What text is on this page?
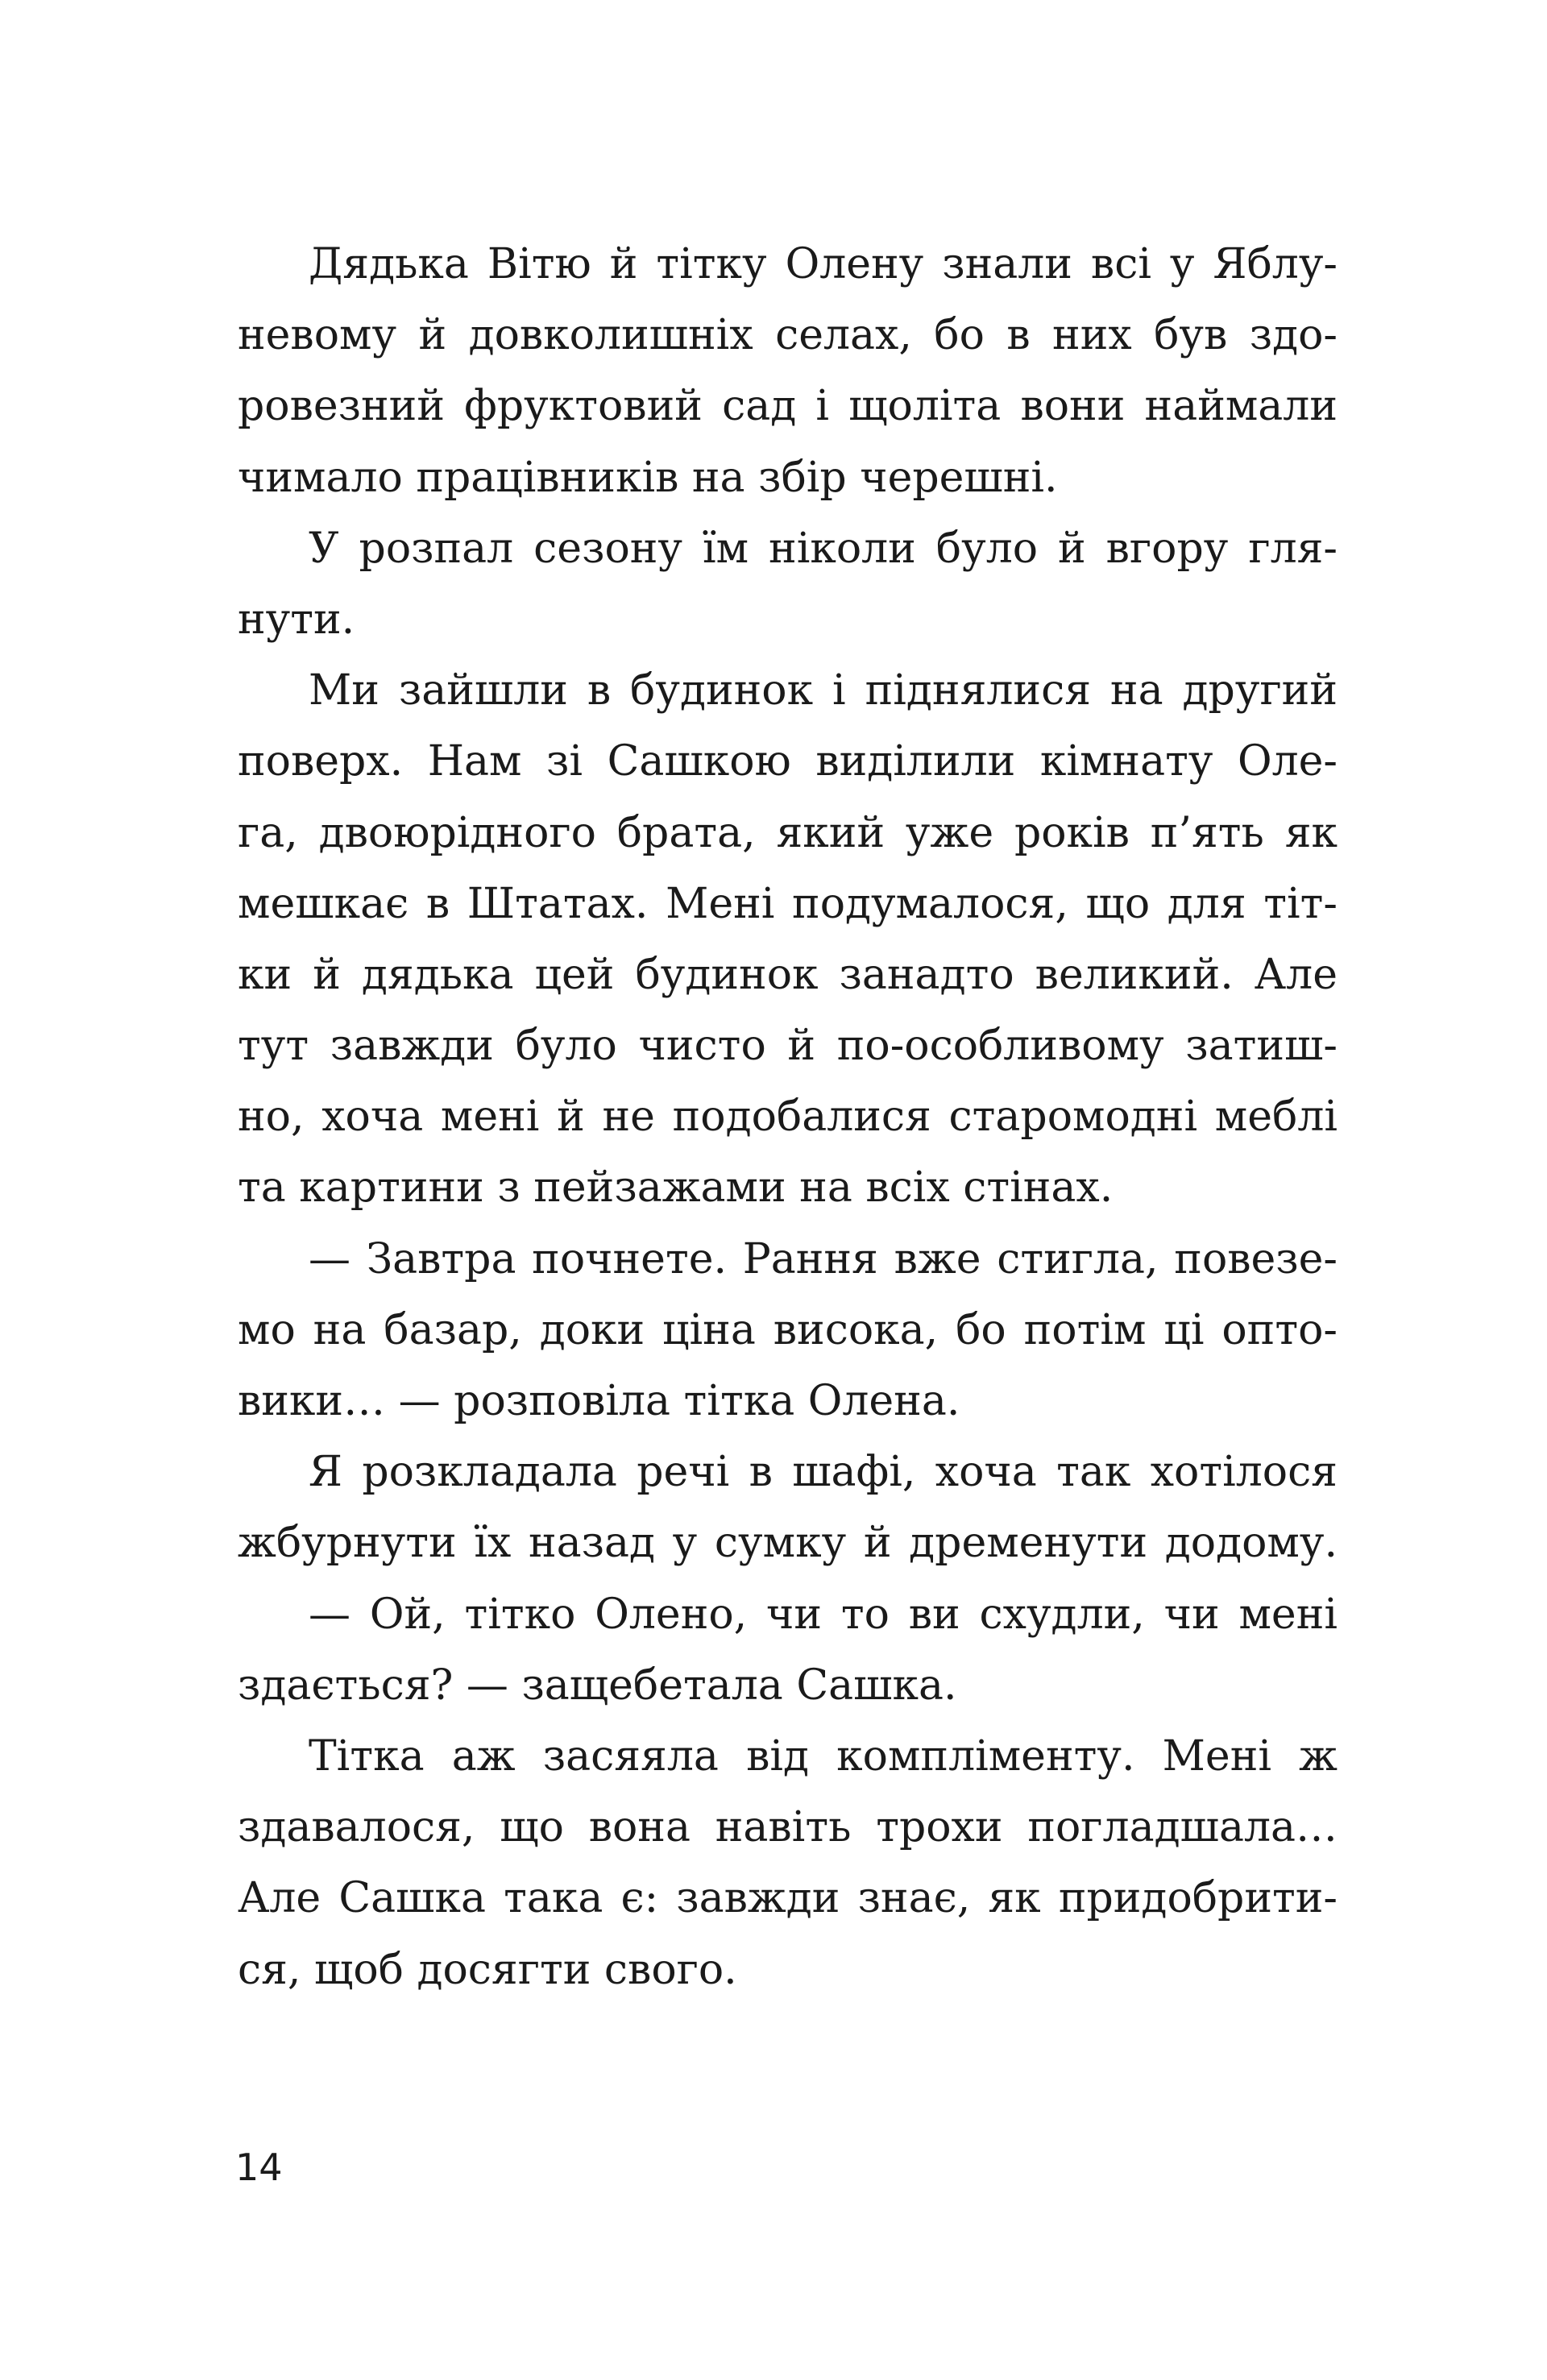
Дядька Вітю й тітку Олену знали всі у Яблу-
невому й довколишніх селах, бо в них був здо-
ровезний фруктовий сад і щоліта вони наймали
чимало працівників на збір черешні.
У розпал сезону їм ніколи було й вгору гля-
нути.
Ми зайшли в будинок і піднялися на другий
поверх. Нам зі Сашкою виділили кімнату Оле-
га, двоюрідного брата, який уже років п’ять як
мешкає в Штатах. Мені подумалося, що для тіт-
ки й дядька цей будинок занадто великий. Але
тут завжди було чисто й по-особливому затиш-
но, хоча мені й не подобалися старомодні меблі
та картини з пейзажами на всіх стінах.
— Завтра почнете. Рання вже стигла, повезе-
мо на базар, доки ціна висока, бо потім ці опто-
вики… — розповіла тітка Олена.
Я розкладала речі в шафі, хоча так хотілося
жбурнути їх назад у сумку й дременути додому.
— Ой, тітко Олено, чи то ви схудли, чи мені
здається? — защебетала Сашка.
Тітка аж засяяла від компліменту. Мені ж
здавалося, що вона навіть трохи погладшала…
Але Сашка така є: завжди знає, як придобрити-
ся, щоб досягти свого.
14
